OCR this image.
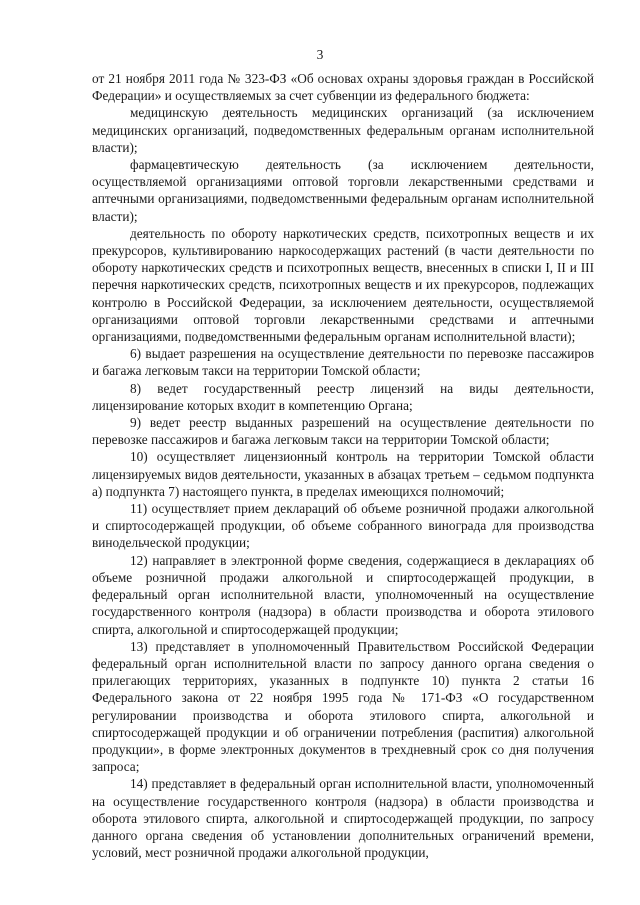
3

от 21 ноября 2011 года № 323-ФЗ «Об основах охраны здоровья граждан в Российской Федерации» и осуществляемых за счет субвенции из федерального бюджета:

медицинскую деятельность медицинских организаций (за исключением медицинских организаций, подведомственных федеральным органам исполнительной власти);

фармацевтическую деятельность (за исключением деятельности, осуществляемой организациями оптовой торговли лекарственными средствами и аптечными организациями, подведомственными федеральным органам исполнительной власти);

деятельность по обороту наркотических средств, психотропных веществ и их прекурсоров, культивированию наркосодержащих растений (в части деятельности по обороту наркотических средств и психотропных веществ, внесенных в списки I, II и III перечня наркотических средств, психотропных веществ и их прекурсоров, подлежащих контролю в Российской Федерации, за исключением деятельности, осуществляемой организациями оптовой торговли лекарственными средствами и аптечными организациями, подведомственными федеральным органам исполнительной власти);

6) выдает разрешения на осуществление деятельности по перевозке пассажиров и багажа легковым такси на территории Томской области;

8) ведет государственный реестр лицензий на виды деятельности, лицензирование которых входит в компетенцию Органа;

9) ведет реестр выданных разрешений на осуществление деятельности по перевозке пассажиров и багажа легковым такси на территории Томской области;

10) осуществляет лицензионный контроль на территории Томской области лицензируемых видов деятельности, указанных в абзацах третьем – седьмом подпункта а) подпункта 7) настоящего пункта, в пределах имеющихся полномочий;

11) осуществляет прием деклараций об объеме розничной продажи алкогольной и спиртосодержащей продукции, об объеме собранного винограда для производства винодельческой продукции;

12) направляет в электронной форме сведения, содержащиеся в декларациях об объеме розничной продажи алкогольной и спиртосодержащей продукции, в федеральный орган исполнительной власти, уполномоченный на осуществление государственного контроля (надзора) в области производства и оборота этилового спирта, алкогольной и спиртосодержащей продукции;

13) представляет в уполномоченный Правительством Российской Федерации федеральный орган исполнительной власти по запросу данного органа сведения о прилегающих территориях, указанных в подпункте 10) пункта 2 статьи 16 Федерального закона от 22 ноября 1995 года № 171-ФЗ «О государственном регулировании производства и оборота этилового спирта, алкогольной и спиртосодержащей продукции и об ограничении потребления (распития) алкогольной продукции», в форме электронных документов в трехдневный срок со дня получения запроса;

14) представляет в федеральный орган исполнительной власти, уполномоченный на осуществление государственного контроля (надзора) в области производства и оборота этилового спирта, алкогольной и спиртосодержащей продукции, по запросу данного органа сведения об установлении дополнительных ограничений времени, условий, мест розничной продажи алкогольной продукции,
